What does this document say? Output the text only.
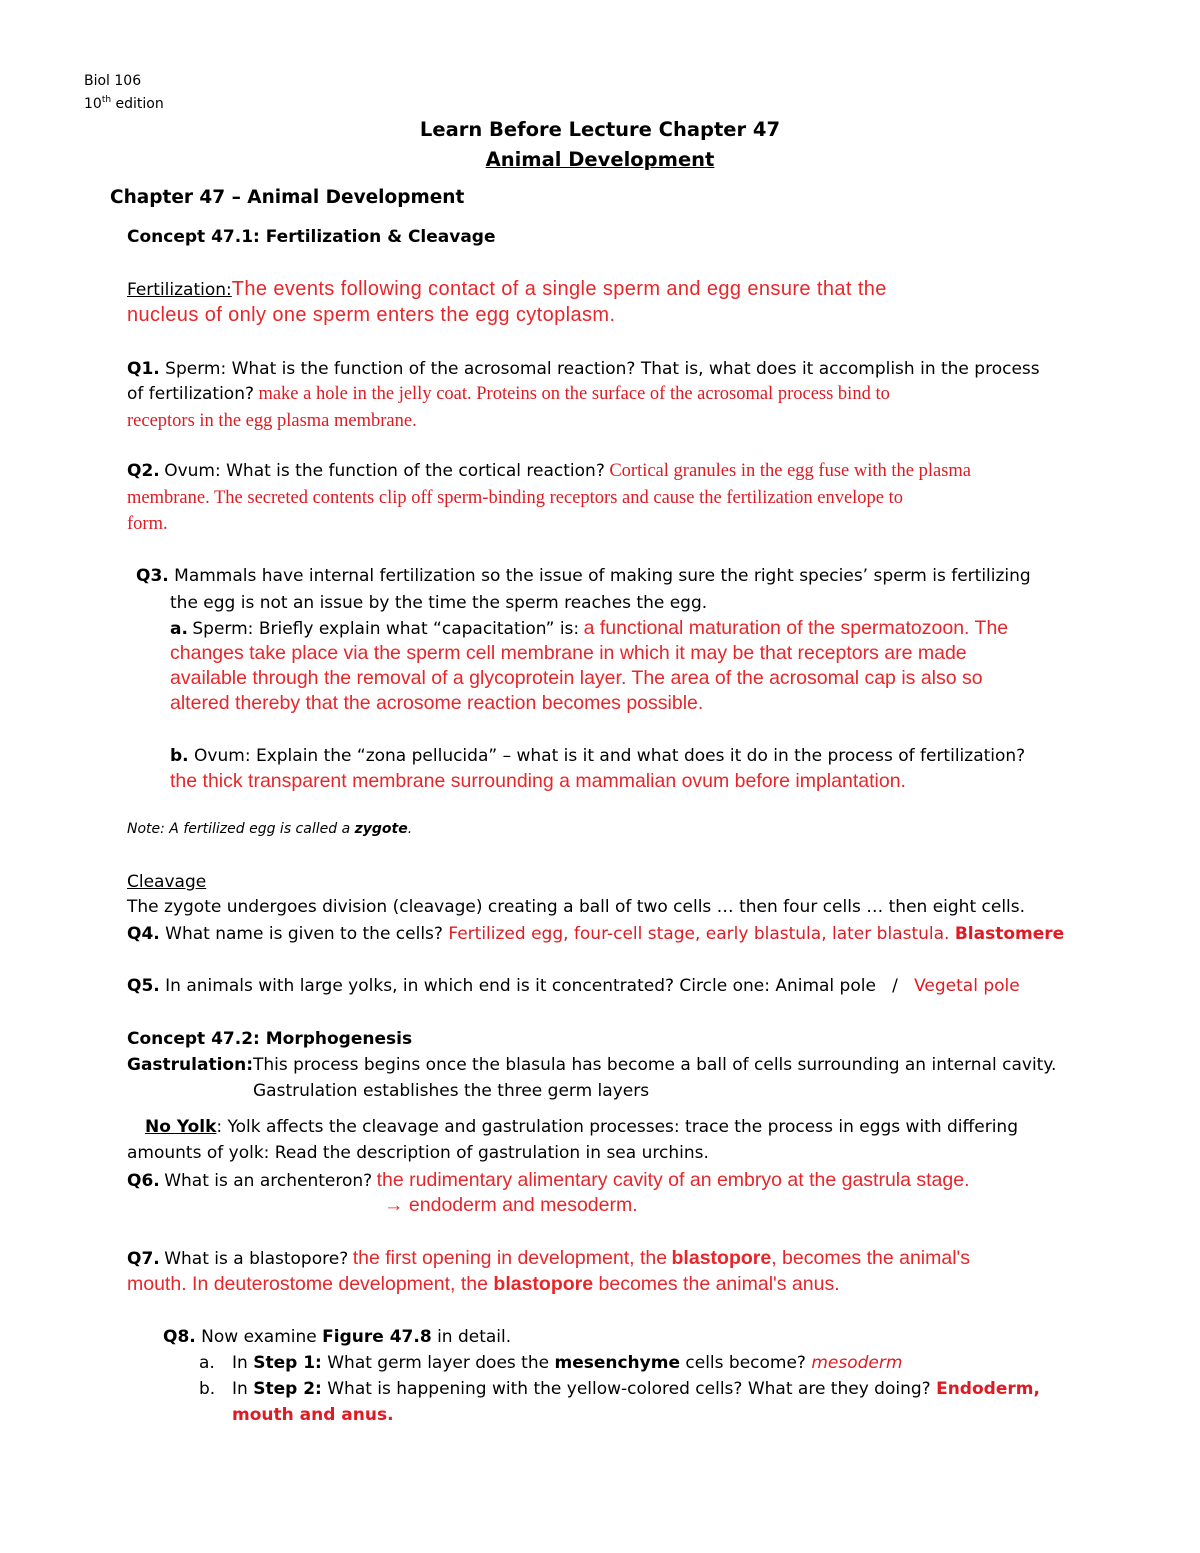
Biol 106
10th edition
Learn Before Lecture Chapter 47
Animal Development
Chapter 47 – Animal Development
Concept 47.1: Fertilization & Cleavage
Fertilization:The events following contact of a single sperm and egg ensure that the
nucleus of only one sperm enters the egg cytoplasm.
Q1. Sperm: What is the function of the acrosomal reaction? That is, what does it accomplish in the process
of fertilization? make a hole in the jelly coat. Proteins on the surface of the acrosomal process bind to
receptors in the egg plasma membrane.
Q2. Ovum: What is the function of the cortical reaction? Cortical granules in the egg fuse with the plasma
membrane. The secreted contents clip off sperm-binding receptors and cause the fertilization envelope to
form.
Q3. Mammals have internal fertilization so the issue of making sure the right species’ sperm is fertilizing
the egg is not an issue by the time the sperm reaches the egg.
a. Sperm: Briefly explain what “capacitation” is: a functional maturation of the spermatozoon. The
changes take place via the sperm cell membrane in which it may be that receptors are made
available through the removal of a glycoprotein layer. The area of the acrosomal cap is also so
altered thereby that the acrosome reaction becomes possible.
b. Ovum: Explain the “zona pellucida” – what is it and what does it do in the process of fertilization?
the thick transparent membrane surrounding a mammalian ovum before implantation.
Note: A fertilized egg is called a zygote.
Cleavage
The zygote undergoes division (cleavage) creating a ball of two cells … then four cells … then eight cells.
Q4. What name is given to the cells? Fertilized egg, four-cell stage, early blastula, later blastula. Blastomere
Q5. In animals with large yolks, in which end is it concentrated? Circle one: Animal pole / Vegetal pole
Concept 47.2: Morphogenesis
Gastrulation:This process begins once the blasula has become a ball of cells surrounding an internal cavity.
Gastrulation establishes the three germ layers
No Yolk: Yolk affects the cleavage and gastrulation processes: trace the process in eggs with differing
amounts of yolk: Read the description of gastrulation in sea urchins.
Q6. What is an archenteron? the rudimentary alimentary cavity of an embryo at the gastrula stage.
→ endoderm and mesoderm.
Q7. What is a blastopore? the first opening in development, the blastopore, becomes the animal's
mouth. In deuterostome development, the blastopore becomes the animal's anus.
Q8. Now examine Figure 47.8 in detail.
a. In Step 1: What germ layer does the mesenchyme cells become? mesoderm
b. In Step 2: What is happening with the yellow-colored cells? What are they doing? Endoderm,
mouth and anus.
